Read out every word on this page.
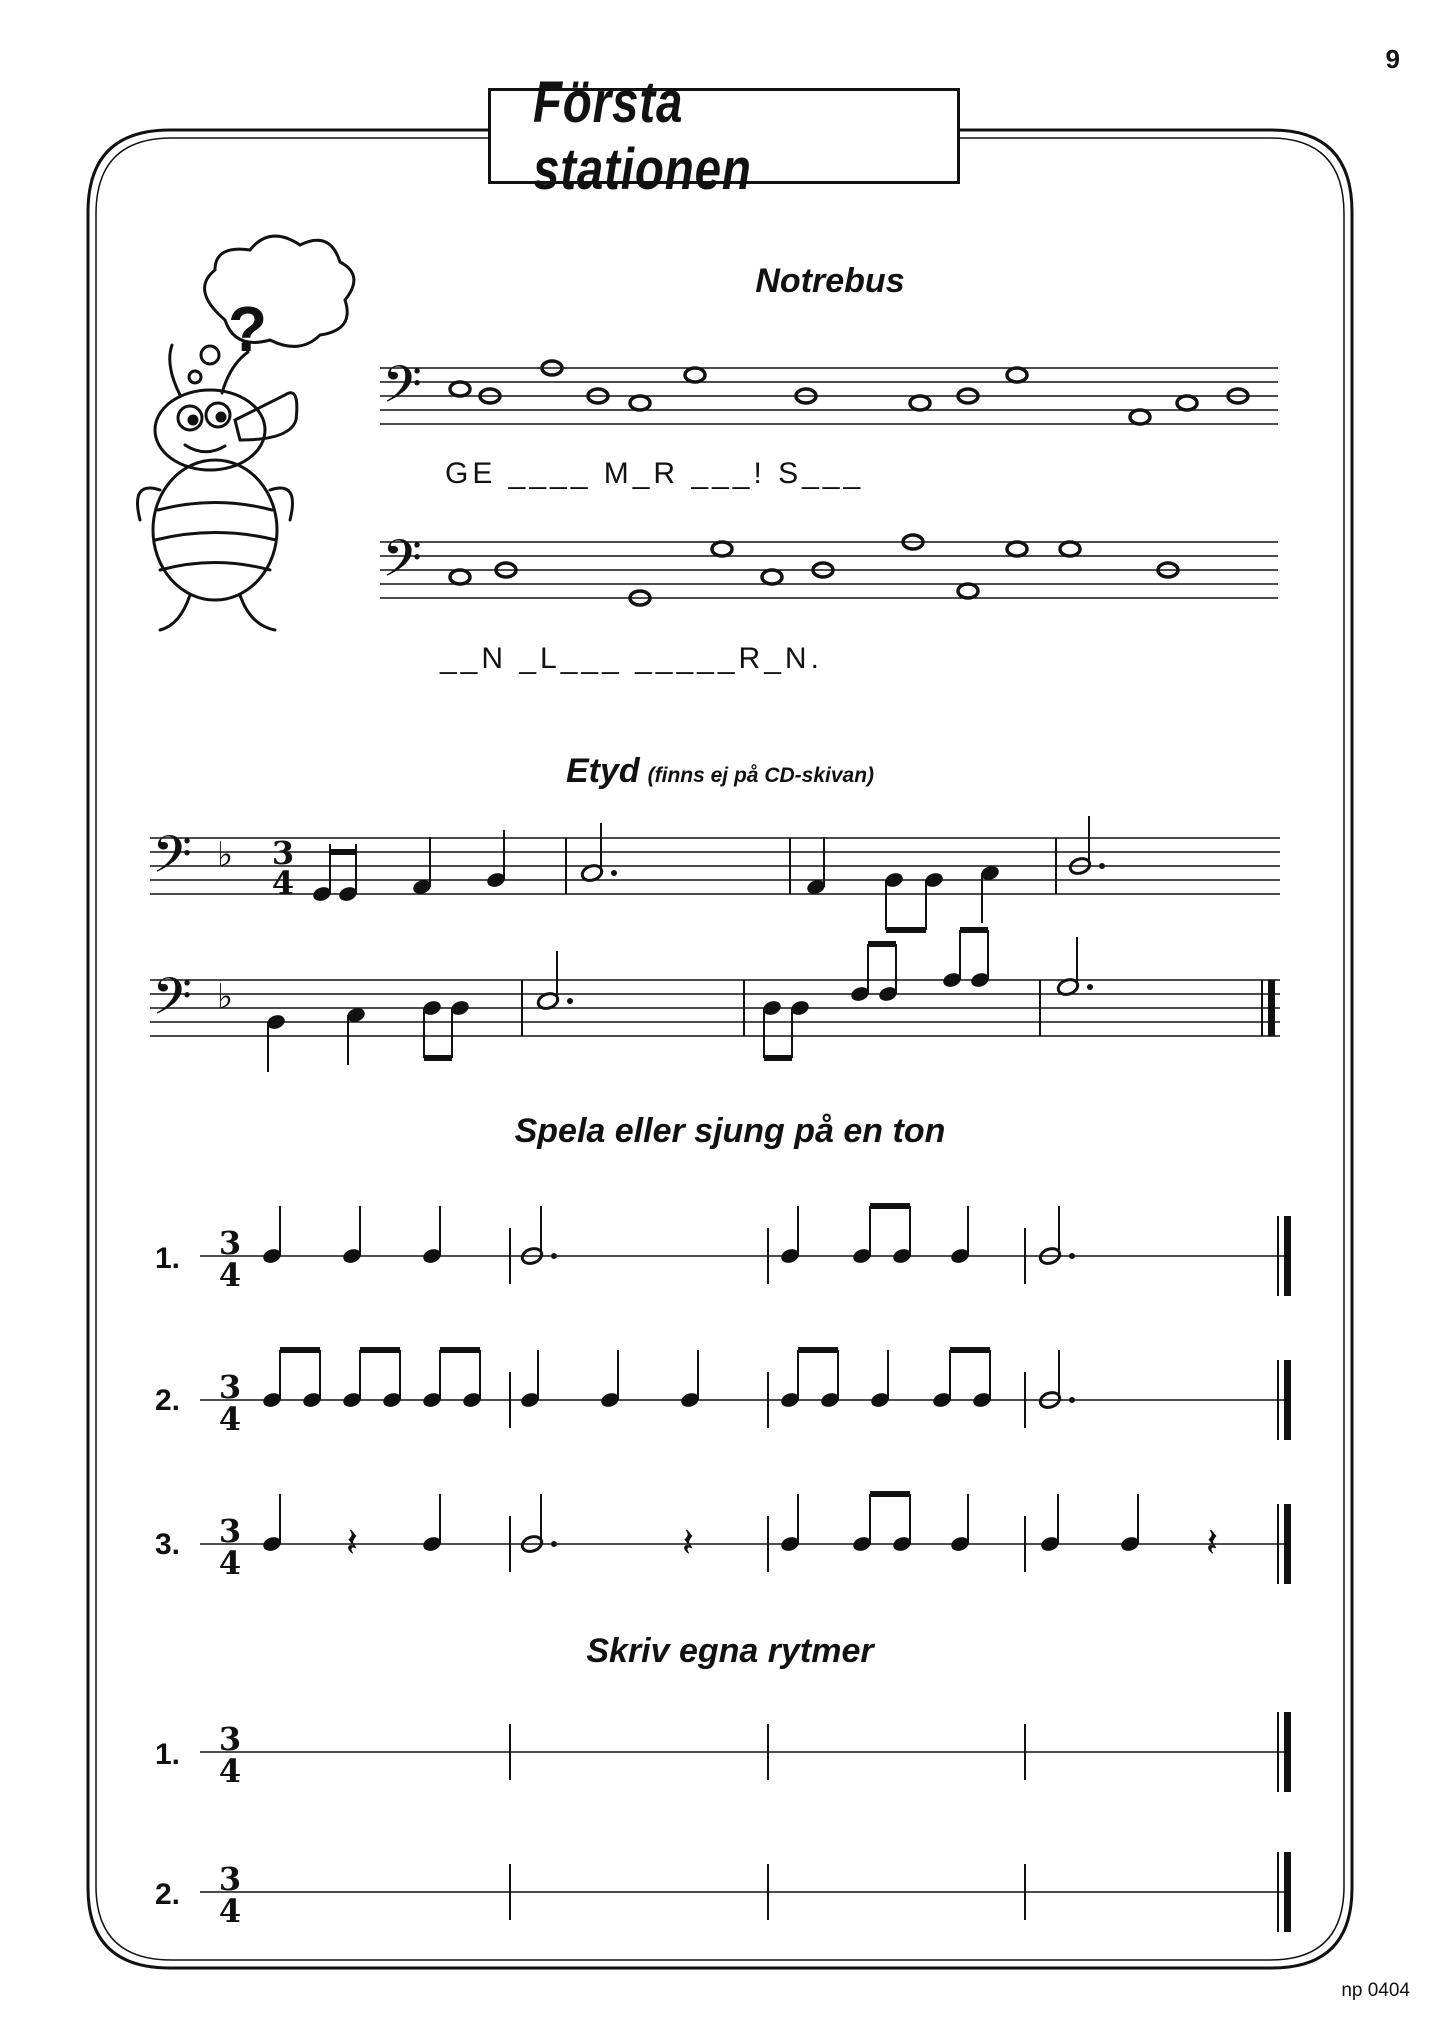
𝄢
𝄢
𝄢 ♭ 3
4
𝄢 ♭
3
4
3
4
3
4	𝄽	𝄽	𝄽
3
4
3
4
9
Första stationen
?
Notrebus
GE ____ M_R ___! S___
__N _L___ _____R_N.
Etyd (finns ej på CD-skivan)
Spela eller sjung på en ton
1.
2.
3.
Skriv egna rytmer
1.
2.
np 0404
